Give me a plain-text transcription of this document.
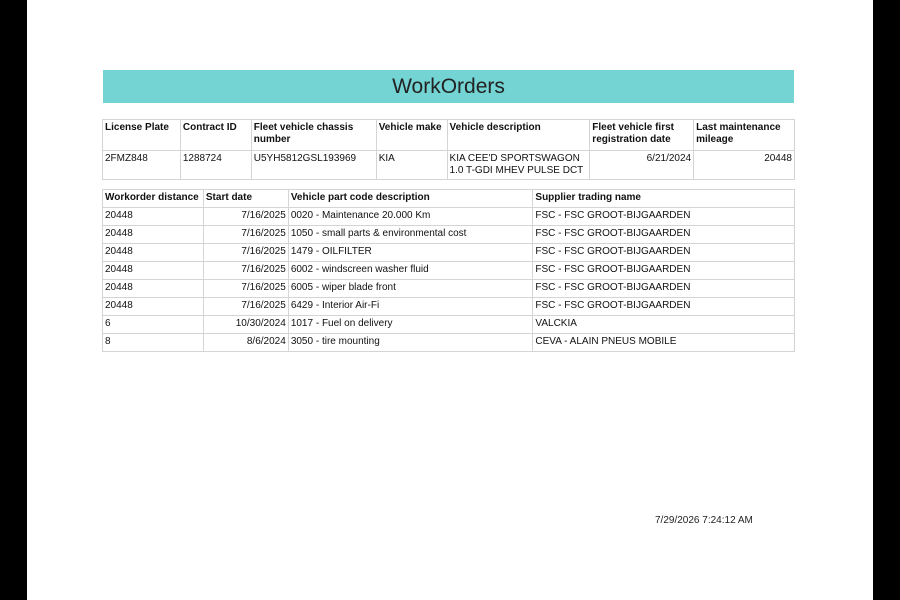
WorkOrders
License Plate	Contract ID	Fleet vehicle chassis number	Vehicle make	Vehicle description	Fleet vehicle first registration date	Last maintenance mileage
2FMZ848	1288724	U5YH5812GSL193969	KIA	KIA CEE'D SPORTSWAGON 1.0 T-GDI MHEV PULSE DCT	6/21/2024	20448
Workorder distance	Start date	Vehicle part code description	Supplier trading name
20448	7/16/2025	0020 - Maintenance 20.000 Km	FSC - FSC GROOT-BIJGAARDEN
20448	7/16/2025	1050 - small parts & environmental cost	FSC - FSC GROOT-BIJGAARDEN
20448	7/16/2025	1479 - OILFILTER	FSC - FSC GROOT-BIJGAARDEN
20448	7/16/2025	6002 - windscreen washer fluid	FSC - FSC GROOT-BIJGAARDEN
20448	7/16/2025	6005 - wiper blade front	FSC - FSC GROOT-BIJGAARDEN
20448	7/16/2025	6429 - Interior Air-Fi	FSC - FSC GROOT-BIJGAARDEN
6	10/30/2024	1017 - Fuel on delivery	VALCKIA
8	8/6/2024	3050 - tire mounting	CEVA - ALAIN PNEUS MOBILE
7/29/2026 7:24:12 AM
